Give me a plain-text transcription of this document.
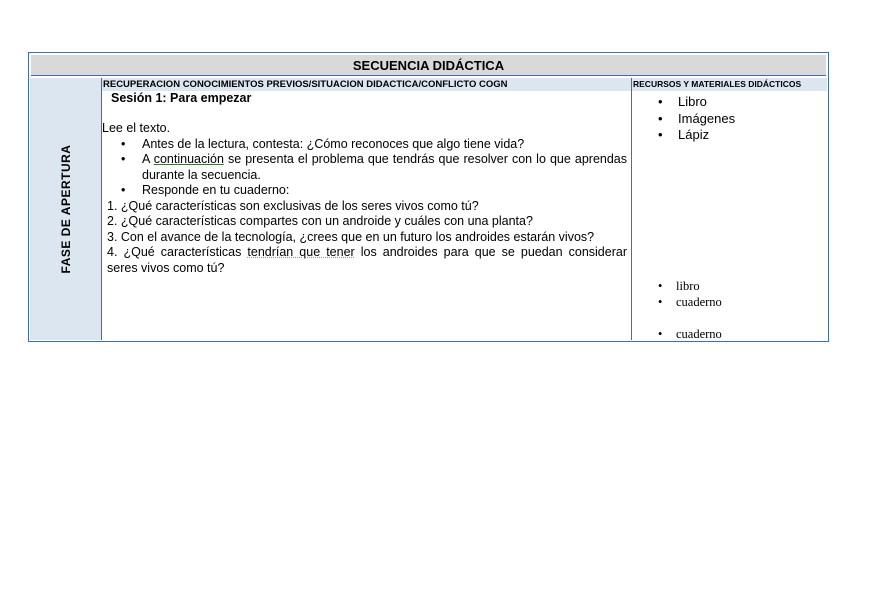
SECUENCIA DIDÁCTICA
FASE DE APERTURA
RECUPERACION CONOCIMIENTOS PREVIOS/SITUACION DIDACTICA/CONFLICTO COGN
Sesión 1: Para empezar

Lee el texto.

• Antes de la lectura, contesta: ¿Cómo reconoces que algo tiene vida?
• A continuación se presenta el problema que tendrás que resolver con lo que aprendas durante la secuencia.
• Responde en tu cuaderno:

1. ¿Qué características son exclusivas de los seres vivos como tú?

2. ¿Qué características compartes con un androide y cuáles con una planta?

3. Con el avance de la tecnología, ¿crees que en un futuro los androides estarán vivos?

4. ¿Qué características tendrían que tener los androides para que se puedan considerar seres vivos como tú?

RECURSOS Y MATERIALES DIDÁCTICOS
• Libro
• Imágenes
• Lápiz
• libro
• cuaderno
• cuaderno
